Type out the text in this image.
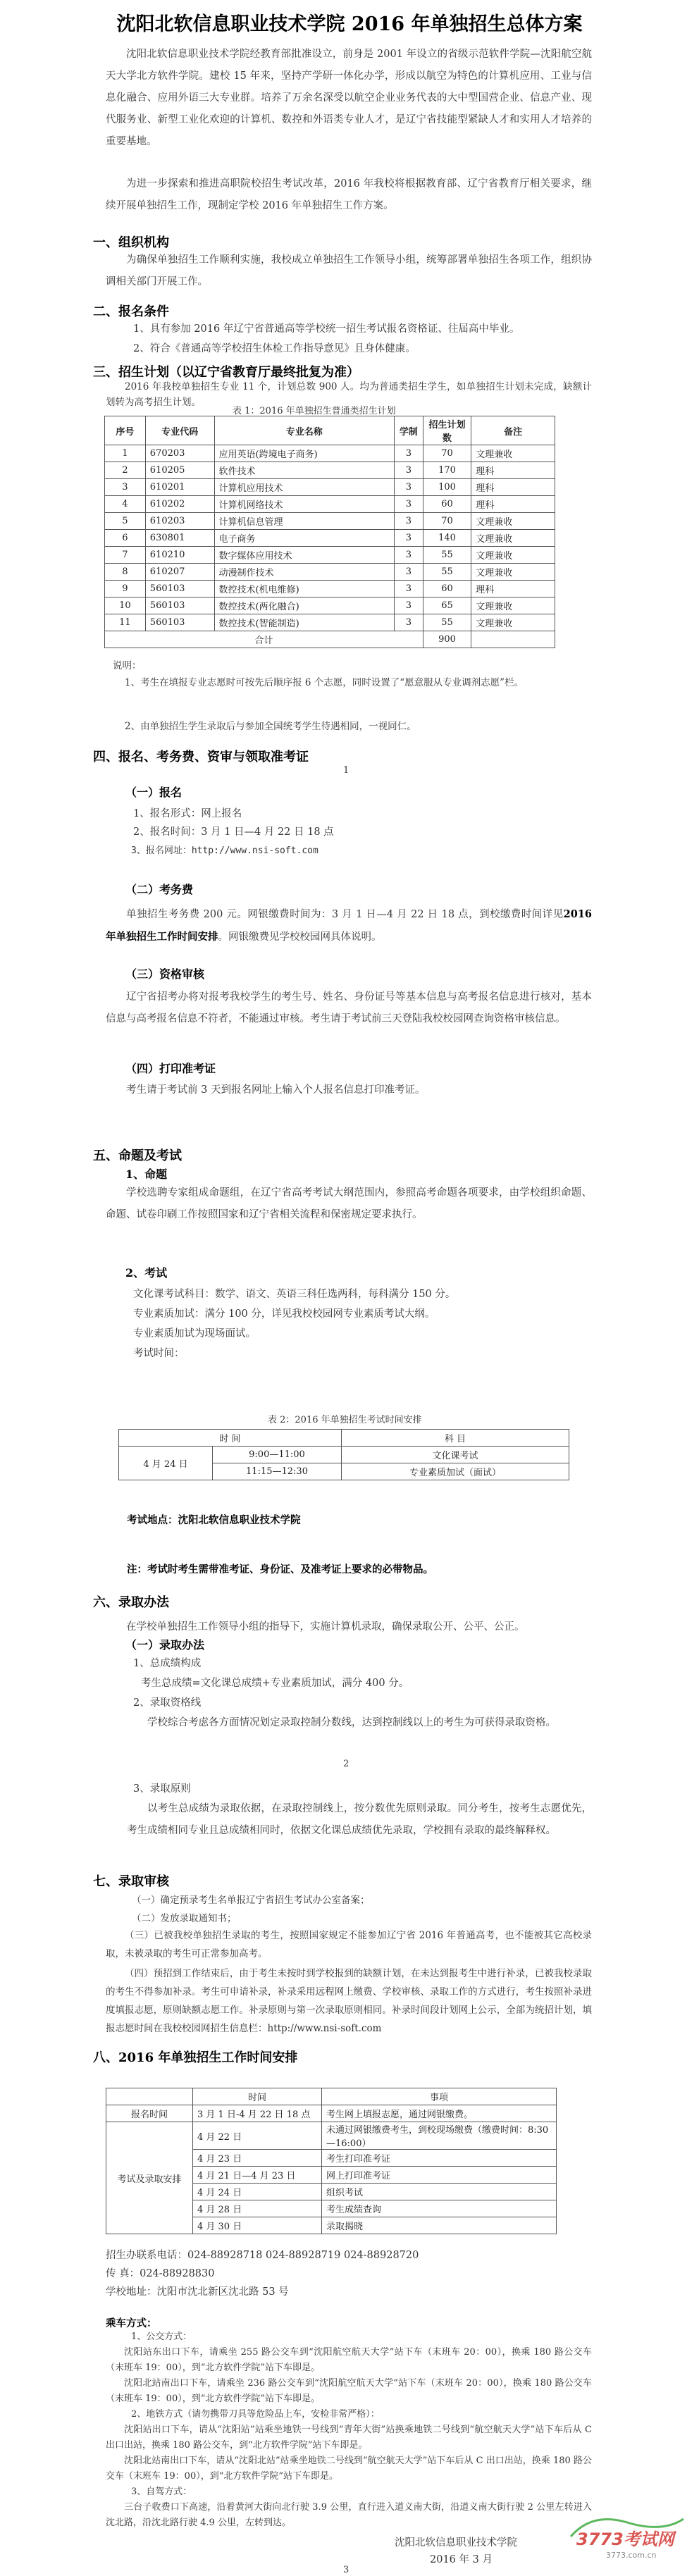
沈阳北软信息职业技术学院 2016 年单独招生总体方案
沈阳北软信息职业技术学院经教育部批准设立，前身是 2001 年设立的省级示范软件学院—沈阳航空航天大学北方软件学院。建校 15 年来，坚持产学研一体化办学，形成以航空为特色的计算机应用、工业与信息化融合、应用外语三大专业群。培养了万余名深受以航空企业业务代表的大中型国营企业、信息产业、现代服务业、新型工业化欢迎的计算机、数控和外语类专业人才，是辽宁省技能型紧缺人才和实用人才培养的重要基地。
为进一步探索和推进高职院校招生考试改革，2016 年我校将根据教育部、辽宁省教育厅相关要求，继续开展单独招生工作，现制定学校 2016 年单独招生工作方案。
一、组织机构
为确保单独招生工作顺利实施，我校成立单独招生工作领导小组，统筹部署单独招生各项工作，组织协调相关部门开展工作。
二、报名条件
1、具有参加 2016 年辽宁省普通高等学校统一招生考试报名资格证、往届高中毕业。
2、符合《普通高等学校招生体检工作指导意见》且身体健康。
三、招生计划（以辽宁省教育厅最终批复为准）
2016 年我校单独招生专业 11 个，计划总数 900 人。均为普通类招生学生，如单独招生计划未完成，缺额计划转为高考招生计划。
表 1：2016 年单独招生普通类招生计划
序号	专业代码	专业名称	学制	招生计划数	备注
1	670203	应用英语(跨境电子商务)	3	70	文理兼收
2	610205	软件技术	3	170	理科
3	610201	计算机应用技术	3	100	理科
4	610202	计算机网络技术	3	60	理科
5	610203	计算机信息管理	3	70	文理兼收
6	630801	电子商务	3	140	文理兼收
7	610210	数字媒体应用技术	3	55	文理兼收
8	610207	动漫制作技术	3	55	文理兼收
9	560103	数控技术(机电维修)	3	60	理科
10	560103	数控技术(两化融合)	3	65	文理兼收
11	560103	数控技术(智能制造)	3	55	文理兼收
合计				900	
说明：
1、考生在填报专业志愿时可按先后顺序报 6 个志愿，同时设置了“愿意服从专业调剂志愿”栏。
2、由单独招生学生录取后与参加全国统考学生待遇相同，一视同仁。
四、报名、考务费、资审与领取准考证
1
（一）报名
1、报名形式：网上报名
2、报名时间：3 月 1 日—4 月 22 日 18 点
3、报名网址：http://www.nsi-soft.com
（二）考务费
单独招生考务费 200 元。网银缴费时间为：3 月 1 日—4 月 22 日 18 点，到校缴费时间详见2016 年单独招生工作时间安排。网银缴费见学校校园网具体说明。
（三）资格审核
辽宁省招考办将对报考我校学生的考生号、姓名、身份证号等基本信息与高考报名信息进行核对，基本信息与高考报名信息不符者，不能通过审核。考生请于考试前三天登陆我校校园网查询资格审核信息。
（四）打印准考证
考生请于考试前 3 天到报名网址上输入个人报名信息打印准考证。
五、命题及考试
1、命题
学校选聘专家组成命题组，在辽宁省高考考试大纲范围内，参照高考命题各项要求，由学校组织命题、命题、试卷印刷工作按照国家和辽宁省相关流程和保密规定要求执行。
2、考试
文化课考试科目：数学、语文、英语三科任选两科，每科满分 150 分。
专业素质加试：满分 100 分，详见我校校园网专业素质考试大纲。
专业素质加试为现场面试。
考试时间：
表 2：2016 年单独招生考试时间安排
时 间		科 目
4 月 24 日	9:00—11:00	文化课考试
	11:15—12:30	专业素质加试（面试）
考试地点：沈阳北软信息职业技术学院
注：考试时考生需带准考证、身份证、及准考证上要求的必带物品。
六、录取办法
在学校单独招生工作领导小组的指导下，实施计算机录取，确保录取公开、公平、公正。
（一）录取办法
1、总成绩构成
考生总成绩=文化课总成绩+专业素质加试，满分 400 分。
2、录取资格线
学校综合考虑各方面情况划定录取控制分数线，达到控制线以上的考生为可获得录取资格。
2
3、录取原则
以考生总成绩为录取依据，在录取控制线上，按分数优先原则录取。同分考生，按考生志愿优先，考生成绩相同专业且总成绩相同时，依据文化课总成绩优先录取，学校拥有录取的最终解释权。
七、录取审核
（一）确定预录考生名单报辽宁省招生考试办公室备案；
（二）发放录取通知书；
（三）已被我校单独招生录取的考生，按照国家规定不能参加辽宁省 2016 年普通高考，也不能被其它高校录取，未被录取的考生可正常参加高考。
（四）预招到工作结束后，由于考生未按时到学校报到的缺额计划，在未达到报考生中进行补录，已被我校录取的考生不得参加补录。考生可申请补录，补录采用远程网上缴费、学校审核、录取工作的方式进行，考生按照补录进度填报志愿，原则缺额志愿工作。补录原则与第一次录取原则相同。补录时间段计划网上公示，全部为统招计划，填报志愿时间在我校校园网招生信息栏：http://www.nsi-soft.com
八、2016 年单独招生工作时间安排
	时间	事项
报名时间	3 月 1 日-4 月 22 日 18 点	考生网上填报志愿，通过网银缴费。
考试及录取安排	4 月 22 日	未通过网银缴费考生，到校现场缴费（缴费时间：8:30—16:00）
	4 月 23 日	考生打印准考证
	4 月 21 日—4 月 23 日	网上打印准考证
	4 月 24 日	组织考试
	4 月 28 日	考生成绩查询
	4 月 30 日	录取揭晓
招生办联系电话：024-88928718 024-88928719 024-88928720
传 真：024-88928830
学校地址：沈阳市沈北新区沈北路 53 号
乘车方式：
1、公交方式：
沈阳站东出口下车，请乘坐 255 路公交车到“沈阳航空航天大学”站下车（末班车 20：00），换乘 180 路公交车（末班车 19：00），到“北方软件学院”站下车即是。
沈阳北站南出口下车，请乘坐 236 路公交车到“沈阳航空航天大学”站下车（末班车 20：00），换乘 180 路公交车（末班车 19：00），到“北方软件学院”站下车即是。
2、地铁方式（请勿携带刀具等危险品上车，安检非常严格）：
沈阳站出口下车，请从“沈阳站”站乘坐地铁一号线到“青年大街”站换乘地铁二号线到“航空航天大学”站下车后从 C 出口出站，换乘 180 路公交车，到“北方软件学院”站下车即是。
沈阳北站南出口下车，请从“沈阳北站”站乘坐地铁二号线到“航空航天大学”站下车后从 C 出口出站，换乘 180 路公交车（末班车 19：00），到“北方软件学院”站下车即是。
3、自驾方式：
三台子收费口下高速，沿着黄河大街向北行驶 3.9 公里，直行进入道义南大街，沿道义南大街行驶 2 公里左转进入沈北路，沿沈北路行驶 4.9 公里，左转到达。
沈阳北软信息职业技术学院
2016 年 3 月
3
3773考试网
3773.com.cn
